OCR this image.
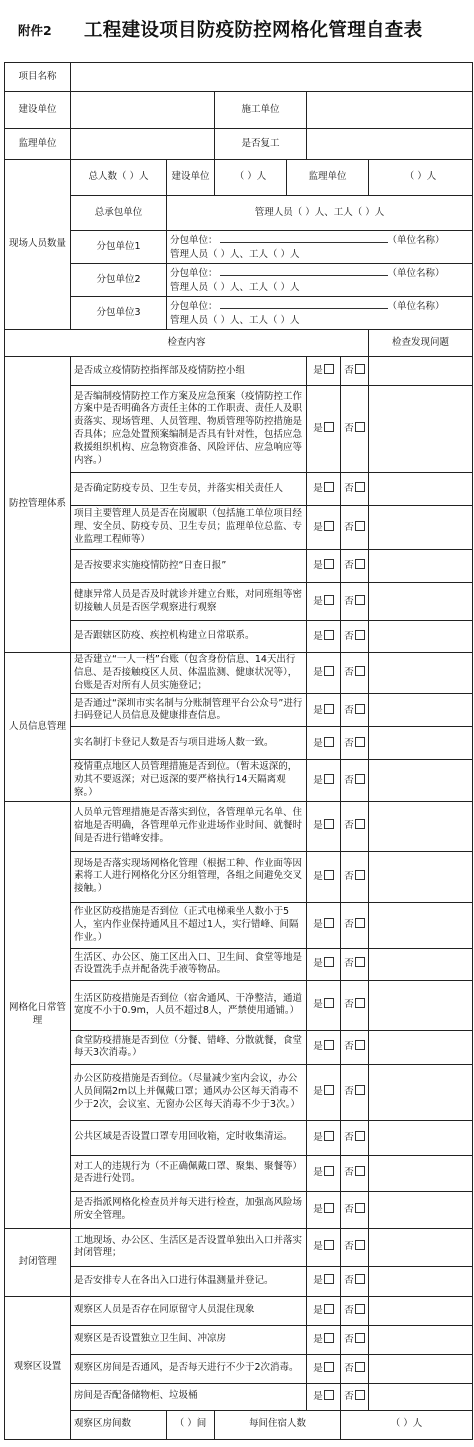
附件2 工程建设项目防疫防控网格化管理自查表
项目名称								
建设单位			施工单位					
监理单位			是否复工					
现场人员数量	总人数（ ）人	建设单位	（ ）人	监理单位			（ ）人	
	总承包单位	管理人员（ ）人、工人（ ）人						
	分包单位1	分包单位： （单位名称）
管理人员（ ）人、工人（ ）人						

	分包单位2	分包单位： （单位名称）
管理人员（ ）人、工人（ ）人						

	分包单位3	分包单位： （单位名称）
管理人员（ ）人、工人（ ）人						

检查内容							检查发现问题	
防控管理体系	是否成立疫情防控指挥部及疫情防控小组				是	否		
	是否编制疫情防控工作方案及应急预案（疫情防控工作方案中是否明确各方责任主体的工作职责、责任人及职责落实、现场管理、人员管理、物质管理等防控措施是否具体；应急处置预案编制是否具有针对性，包括应急救援组织机构、应急物资准备、风险评估、应急响应等内容。）				是	否		
	是否确定防疫专员、卫生专员，并落实相关责任人				是	否		
	项目主要管理人员是否在岗履职（包括施工单位项目经理、安全员、防疫专员、卫生专员；监理单位总监、专业监理工程师等）				是	否		
	是否按要求实施疫情防控“日查日报”				是	否		
	健康异常人员是否及时就诊并建立台账，对同班组等密切接触人员是否医学观察进行观察				是	否		
	是否跟辖区防疫、疾控机构建立日常联系。				是	否		
人员信息管理	是否建立“一人一档”台账（包含身份信息、14天出行信息、是否接触疫区人员、体温监测、健康状况等），台账是否对所有人员实施登记；				是	否		
	是否通过“深圳市实名制与分账制管理平台公众号”进行扫码登记人员信息及健康排查信息。				是	否		
	实名制打卡登记人数是否与项目进场人数一致。				是	否		
	疫情重点地区人员管理措施是否到位。（暂未返深的，劝其不要返深；对已返深的要严格执行14天隔离观察。）				是	否		
网格化日常管理	人员单元管理措施是否落实到位，各管理单元名单、住宿地是否明确，各管理单元作业进场作业时间、就餐时间是否进行错峰安排。				是	否		
	现场是否落实现场网格化管理（根据工种、作业面等因素将工人进行网格化分区分组管理，各组之间避免交叉接触。）				是	否		
	作业区防疫措施是否到位（正式电梯乘坐人数小于5人，室内作业保持通风且不超过1人，实行错峰、间隔作业。）				是	否		
	生活区、办公区、施工区出入口、卫生间、食堂等地是否设置洗手点并配备洗手液等物品。				是	否		
	生活区防疫措施是否到位（宿舍通风、干净整洁，通道宽度不小于0.9m，人员不超过8人，严禁使用通铺。）				是	否		
	食堂防疫措施是否到位（分餐、错峰、分散就餐，食堂每天3次消毒。）				是	否		
	办公区防疫措施是否到位。（尽量减少室内会议，办公人员间隔2m以上并佩戴口罩；通风办公区每天消毒不少于2次，会议室、无窗办公区每天消毒不少于3次。）				是	否		
	公共区域是否设置口罩专用回收箱，定时收集清运。				是	否		
	对工人的违规行为（不正确佩戴口罩、聚集、聚餐等）是否进行处罚。				是	否		
	是否指派网格化检查员并每天进行检查，加强高风险场所安全管理。				是	否		
封闭管理	工地现场、办公区、生活区是否设置单独出入口并落实封闭管理；				是	否		
	是否安排专人在各出入口进行体温测量并登记。				是	否		
观察区设置	观察区人员是否存在同原留守人员混住现象				是	否		
	观察区是否设置独立卫生间、冲凉房				是	否		
	观察区房间是否通风，是否每天进行不少于2次消毒。				是	否		
	房间是否配备储物柜、垃圾桶				是	否		
	观察区房间数	（ ）间	每间住宿人数			（ ）人		
